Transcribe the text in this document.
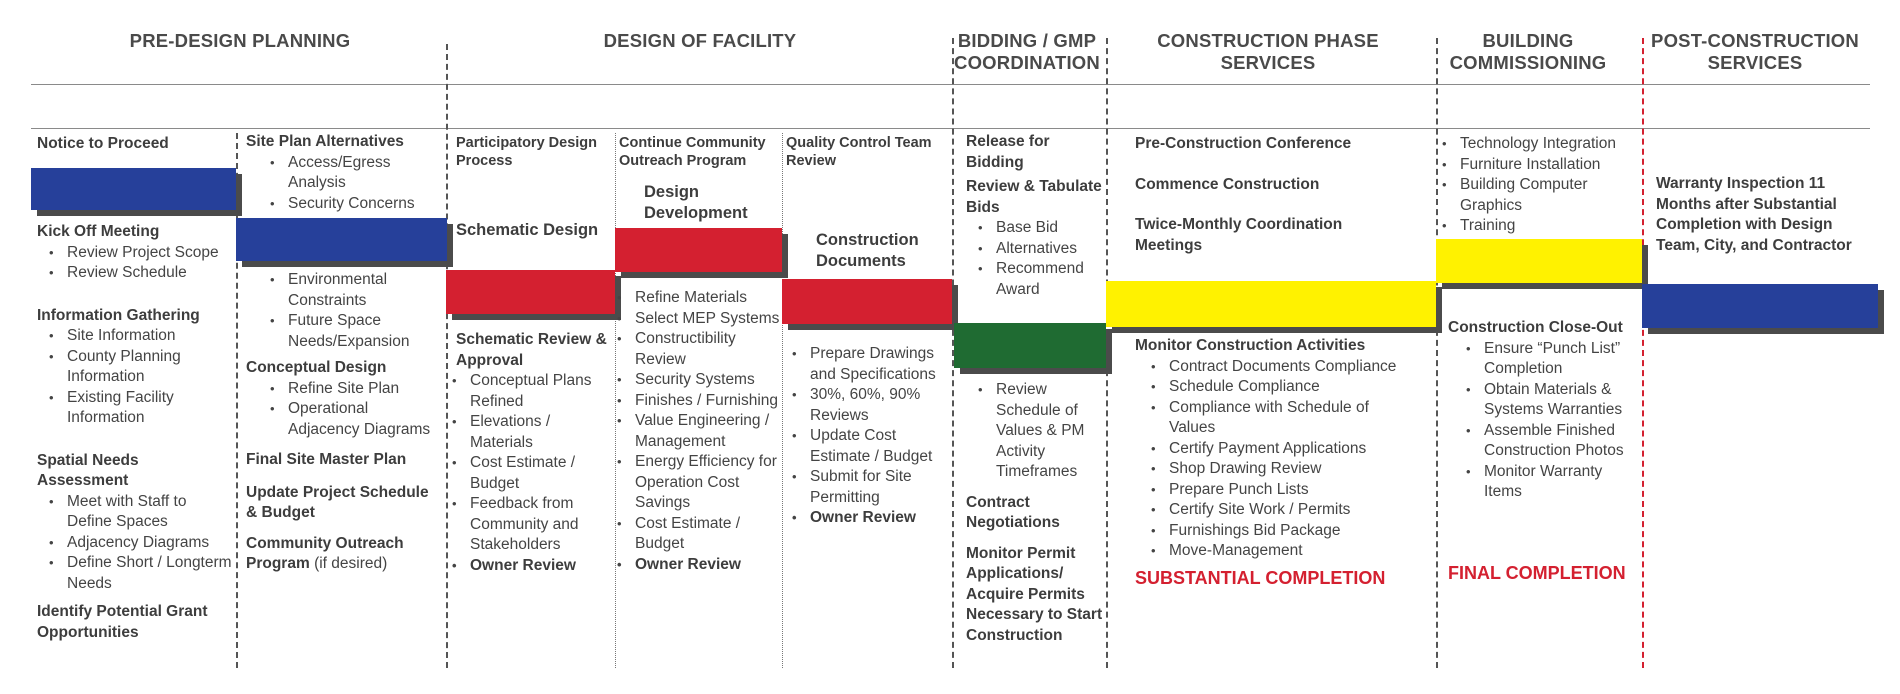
PRE-DESIGN PLANNING	DESIGN OF FACILITY	BIDDING / GMP COORDINATION
CONSTRUCTION PHASE SERVICES
BUILDING COMMISSIONING
POST-CONSTRUCTION SERVICES
Notice to Proceed
Kick Off Meeting
• Review Project Scope
• Review Schedule
Information Gathering
• Site Information
• County Planning Information
• Existing Facility Information
Spatial Needs Assessment
• Meet with Staff to Define Spaces
• Adjacency Diagrams
• Define Short / Longterm Needs
Identify Potential Grant Opportunities
Site Plan Alternatives
• Access/Egress Analysis
• Security Concerns
• Environmental Constraints
• Future Space Needs/Expansion
Conceptual Design
• Refine Site Plan
• Operational Adjacency Diagrams
Final Site Master Plan
Update Project Schedule & Budget
Community Outreach Program (if desired)
Participatory Design Process
Schematic Design
Schematic Review & Approval
• Conceptual Plans Refined
• Elevations / Materials
• Cost Estimate / Budget
• Feedback from Community and Stakeholders
• Owner Review
Continue Community Outreach Program
Design Development
• Refine Materials
• Select MEP Systems
• Constructibility Review
• Security Systems
• Finishes / Furnishing
• Value Engineering / Management
• Energy Efficiency for Operation Cost Savings
• Cost Estimate / Budget
• Owner Review
Quality Control Team Review
Construction Documents
• Prepare Drawings and Specifications
• 30%, 60%, 90% Reviews
• Update Cost Estimate / Budget
• Submit for Site Permitting
• Owner Review
Release for Bidding
Review & Tabulate Bids
• Base Bid
• Alternatives
• Recommend Award
• Review Schedule of Values & PM Activity Timeframes
Contract Negotiations
Monitor Permit Applications/ Acquire Permits Necessary to Start Construction
Pre-Construction Conference
Commence Construction
Twice-Monthly Coordination Meetings
Monitor Construction Activities
• Contract Documents Compliance
• Schedule Compliance
• Compliance with Schedule of Values
• Certify Payment Applications
• Shop Drawing Review
• Prepare Punch Lists
• Certify Site Work / Permits
• Furnishings Bid Package
• Move-Management
SUBSTANTIAL COMPLETION
• Technology Integration
• Furniture Installation
• Building Computer Graphics
• Training
Construction Close-Out
• Ensure “Punch List” Completion
• Obtain Materials & Systems Warranties
• Assemble Finished Construction Photos
• Monitor Warranty Items
FINAL COMPLETION
Warranty Inspection 11 Months after Substantial Completion with Design Team, City, and Contractor
